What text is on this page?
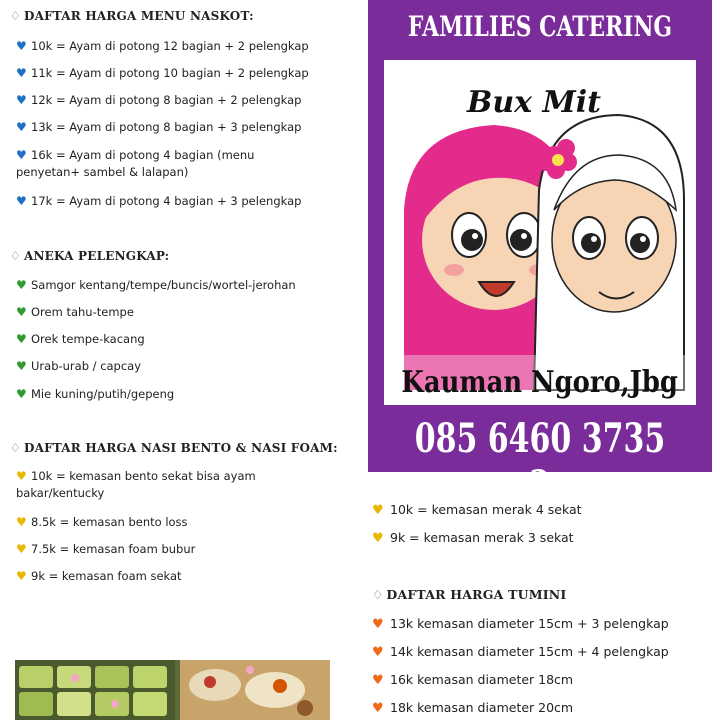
♢ DAFTAR HARGA MENU NASKOT:
♥ 10k = Ayam di potong 12 bagian + 2 pelengkap
♥ 11k = Ayam di potong 10 bagian + 2 pelengkap
♥ 12k = Ayam di potong 8 bagian + 2 pelengkap
♥ 13k = Ayam di potong 8 bagian + 3 pelengkap
♥ 16k = Ayam di potong 4 bagian (menu
penyetan+ sambel & lalapan)
♥ 17k = Ayam di potong 4 bagian + 3 pelengkap
♢ ANEKA PELENGKAP:
♥ Samgor kentang/tempe/buncis/wortel-jerohan
♥ Orem tahu-tempe
♥ Orek tempe-kacang
♥ Urab-urab / capcay
♥ Mie kuning/putih/gepeng
♢ DAFTAR HARGA NASI BENTO & NASI FOAM:
♥ 10k = kemasan bento sekat bisa ayam
bakar/kentucky
♥ 8.5k = kemasan bento loss
♥ 7.5k = kemasan foam bubur
♥ 9k = kemasan foam sekat
FAMILIES CATERING
Bux Mit
Kauman Ngoro,Jbg
085 6460 3735 2
♥ 10k = kemasan merak 4 sekat
♥ 9k = kemasan merak 3 sekat
♢ DAFTAR HARGA TUMINI
♥ 13k kemasan diameter 15cm + 3 pelengkap
♥ 14k kemasan diameter 15cm + 4 pelengkap
♥ 16k kemasan diameter 18cm
♥ 18k kemasan diameter 20cm
